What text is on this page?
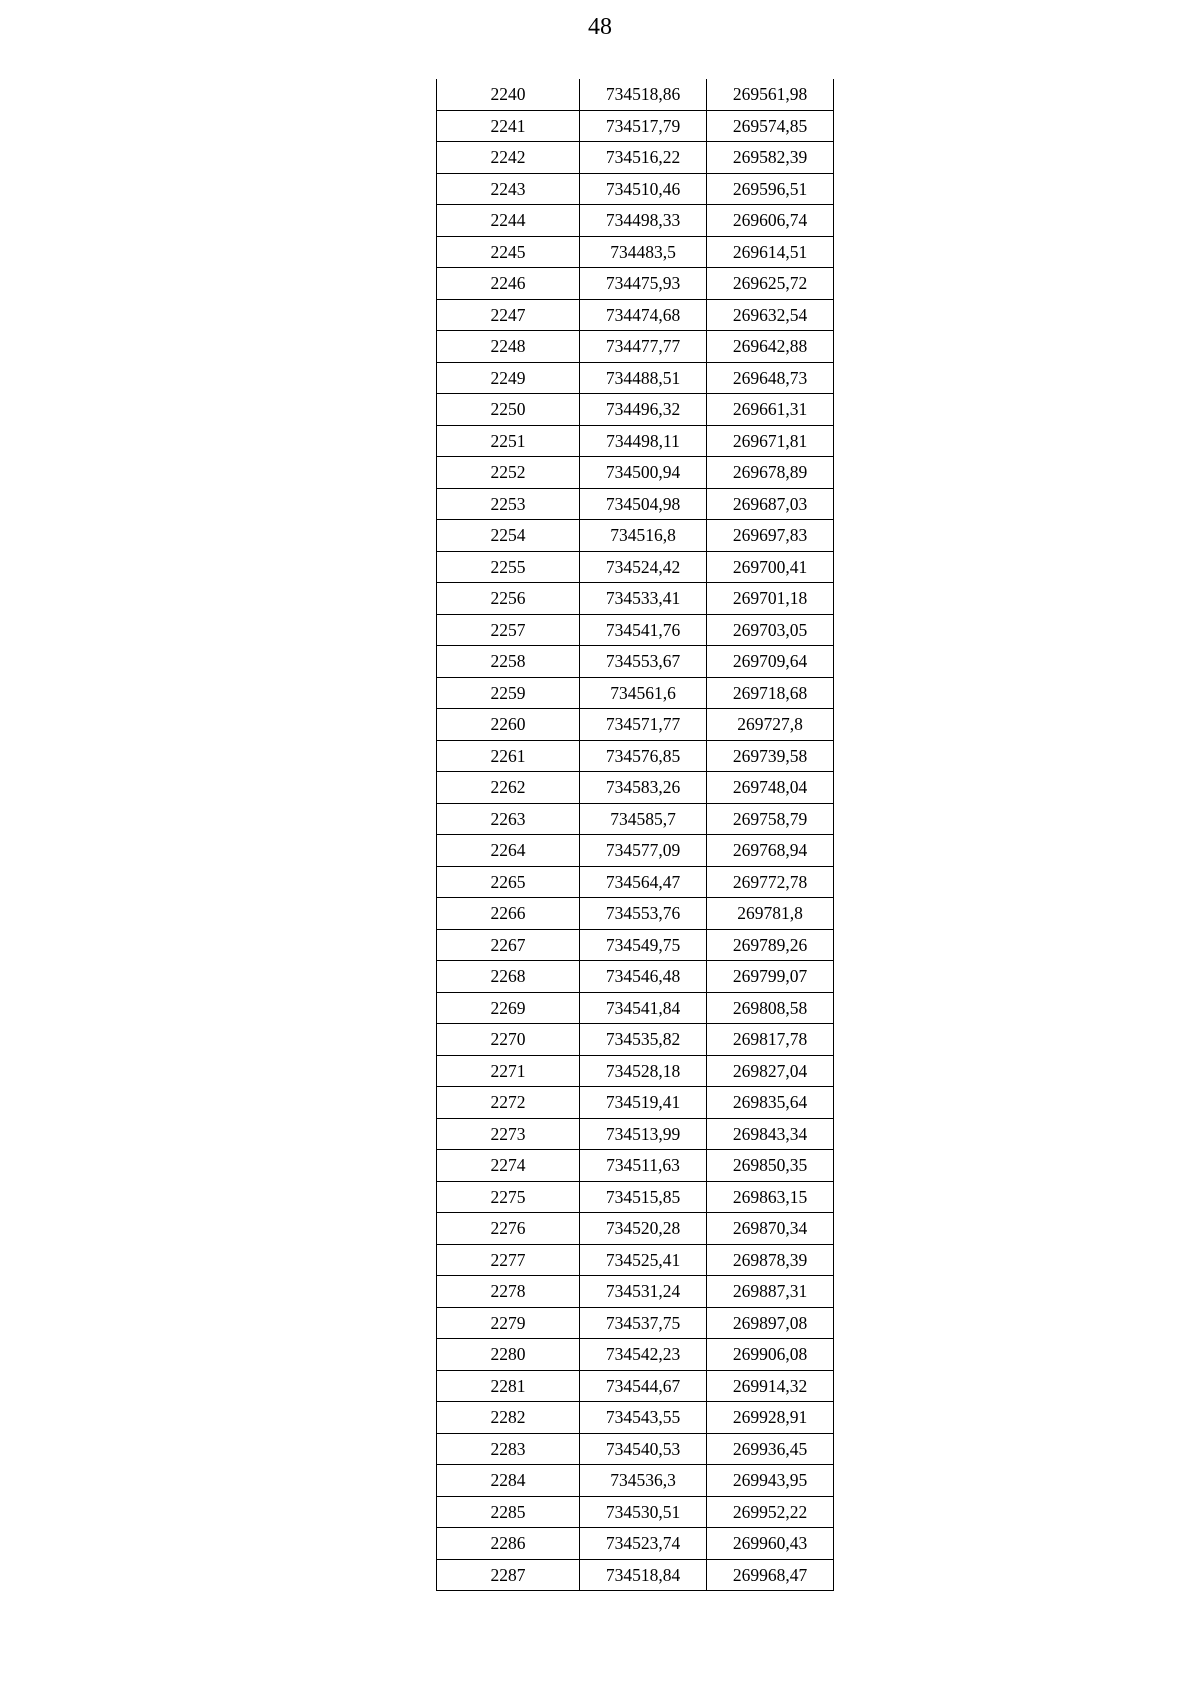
48
2240	734518,86	269561,98
2241	734517,79	269574,85
2242	734516,22	269582,39
2243	734510,46	269596,51
2244	734498,33	269606,74
2245	734483,5	269614,51
2246	734475,93	269625,72
2247	734474,68	269632,54
2248	734477,77	269642,88
2249	734488,51	269648,73
2250	734496,32	269661,31
2251	734498,11	269671,81
2252	734500,94	269678,89
2253	734504,98	269687,03
2254	734516,8	269697,83
2255	734524,42	269700,41
2256	734533,41	269701,18
2257	734541,76	269703,05
2258	734553,67	269709,64
2259	734561,6	269718,68
2260	734571,77	269727,8
2261	734576,85	269739,58
2262	734583,26	269748,04
2263	734585,7	269758,79
2264	734577,09	269768,94
2265	734564,47	269772,78
2266	734553,76	269781,8
2267	734549,75	269789,26
2268	734546,48	269799,07
2269	734541,84	269808,58
2270	734535,82	269817,78
2271	734528,18	269827,04
2272	734519,41	269835,64
2273	734513,99	269843,34
2274	734511,63	269850,35
2275	734515,85	269863,15
2276	734520,28	269870,34
2277	734525,41	269878,39
2278	734531,24	269887,31
2279	734537,75	269897,08
2280	734542,23	269906,08
2281	734544,67	269914,32
2282	734543,55	269928,91
2283	734540,53	269936,45
2284	734536,3	269943,95
2285	734530,51	269952,22
2286	734523,74	269960,43
2287	734518,84	269968,47
